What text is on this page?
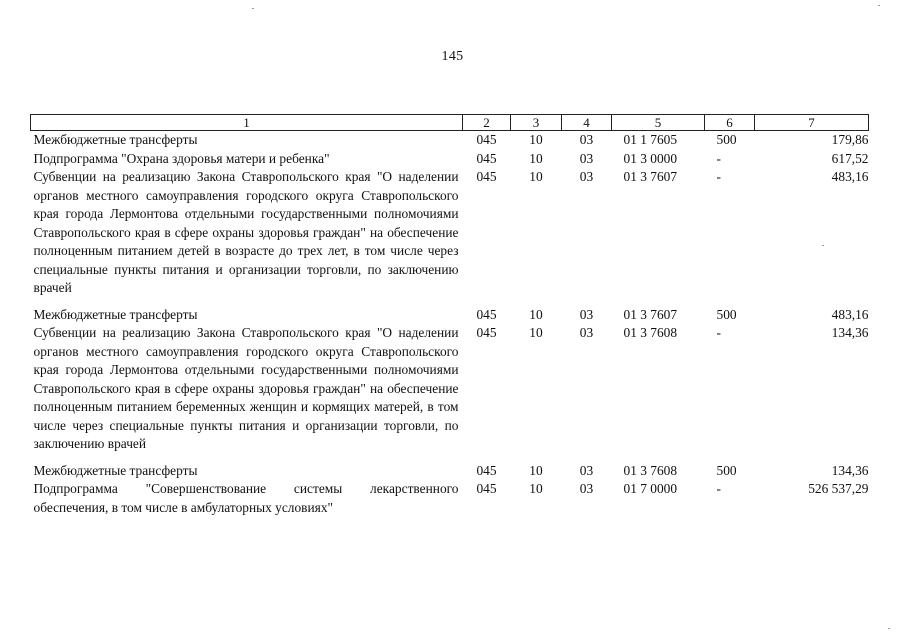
145
1	2	3	4	5	6	7
Межбюджетные трансферты	045	10	03	01 1 7605	500	179,86
Подпрограмма "Охрана здоровья матери и ребенка"	045	10	03	01 3 0000	-	617,52
Субвенции на реализацию Закона Ставропольского края "О наделении органов местного самоуправления городского округа Ставропольского края города Лермонтова отдельными государственными полномочиями Ставропольского края в сфере охраны здоровья граждан" на обеспечение полноценным питанием детей в возрасте до трех лет, в том числе через специальные пункты питания и организации торговли, по заключению врачей	045	10	03	01 3 7607	-	483,16

Межбюджетные трансферты	045	10	03	01 3 7607	500	483,16
Субвенции на реализацию Закона Ставропольского края "О наделении органов местного самоуправления городского округа Ставропольского края города Лермонтова отдельными государственными полномочиями Ставропольского края в сфере охраны здоровья граждан" на обеспечение полноценным питанием беременных женщин и кормящих матерей, в том числе через специальные пункты питания и организации торговли, по заключению врачей	045	10	03	01 3 7608	-	134,36

Межбюджетные трансферты	045	10	03	01 3 7608	500	134,36
Подпрограмма "Совершенствование системы лекарственного обеспечения, в том числе в амбулаторных условиях"	045	10	03	01 7 0000	-	526 537,29
